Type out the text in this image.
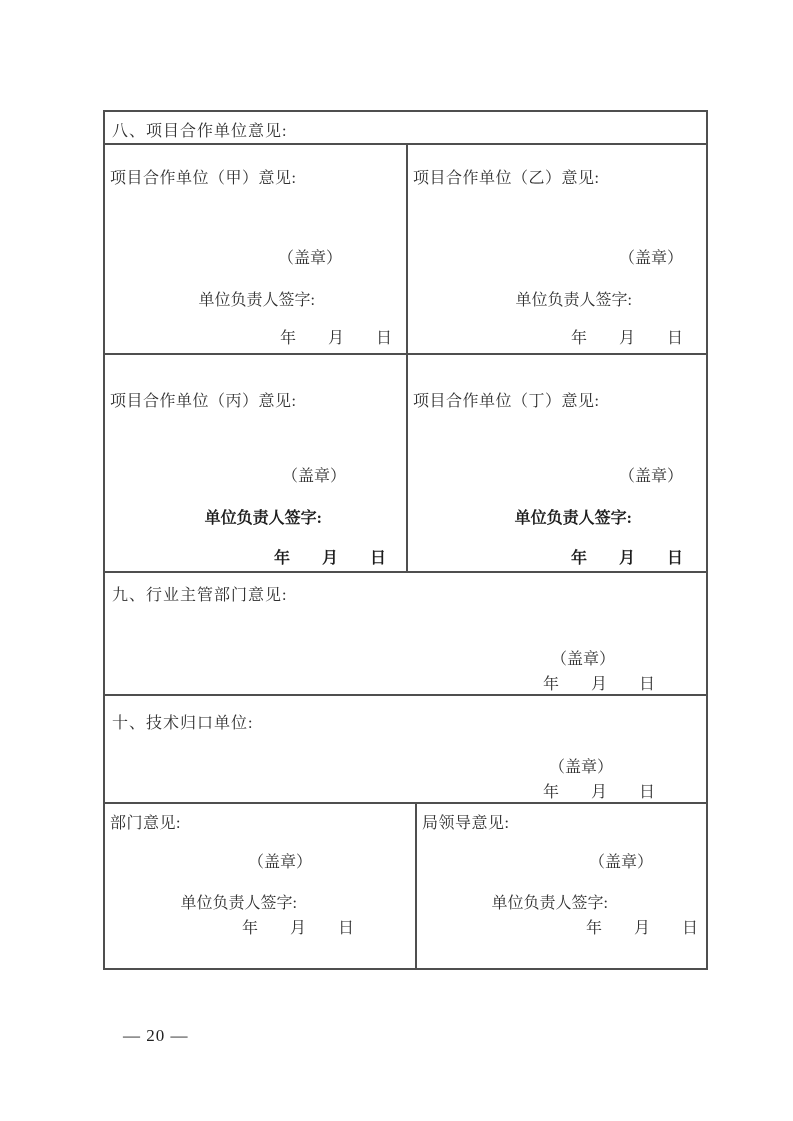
八、项目合作单位意见:
项目合作单位（甲）意见:
（盖章）
单位负责人签字:
年　　月　　日
项目合作单位（乙）意见:
（盖章）
单位负责人签字:
年　　月　　日
项目合作单位（丙）意见:
（盖章）
单位负责人签字:
年　　月　　日
项目合作单位（丁）意见:
（盖章）
单位负责人签字:
年　　月　　日
九、行业主管部门意见:
（盖章）
年　　月　　日
十、技术归口单位:
（盖章）
年　　月　　日
部门意见:
（盖章）
单位负责人签字:
年　　月　　日
局领导意见:
（盖章）
单位负责人签字:
年　　月　　日
— 20 —
